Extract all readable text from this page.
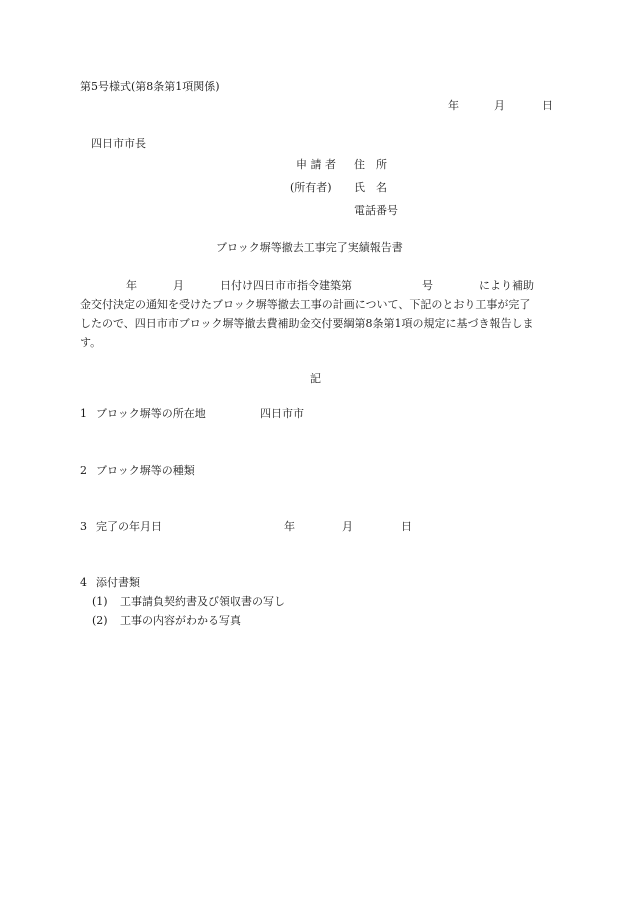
第5号様式(第8条第1項関係)
年	月	日
四日市市長
申 請 者 住　所
(所有者) 氏　名
電話番号
ブロック塀等撤去工事完了実績報告書
年	月	日付け四日市市指令建築第	号	により補助
金交付決定の通知を受けたブロック塀等撤去工事の計画について、下記のとおり工事が完了
したので、四日市市ブロック塀等撤去費補助金交付要綱第8条第1項の規定に基づき報告しま
す。
記
1 ブロック塀等の所在地	四日市市
2 ブロック塀等の種類
3 完了の年月日	年	月	日
4 添付書類
(1) 工事請負契約書及び領収書の写し
(2) 工事の内容がわかる写真
